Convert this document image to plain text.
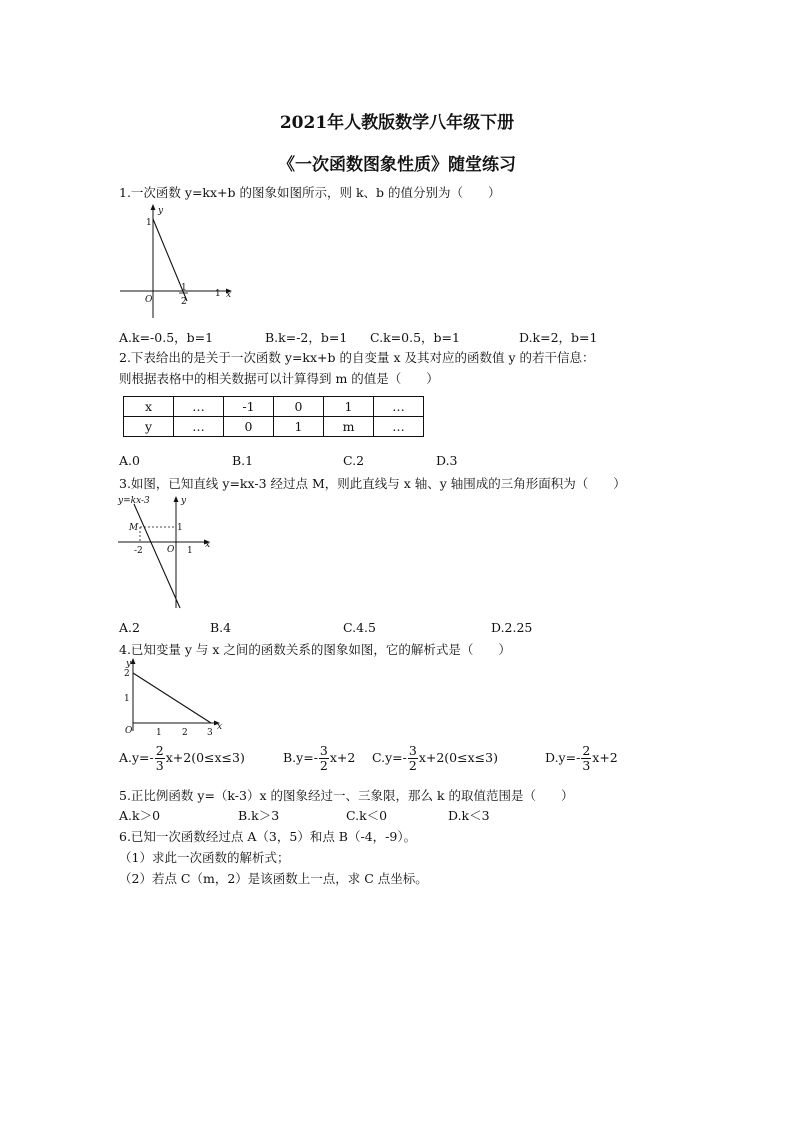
2021年人教版数学八年级下册
《一次函数图象性质》随堂练习
1.一次函数 y=kx+b 的图象如图所示，则 k、b 的值分别为（　　）
y
1
O
1
2
1 x
A.k=-0.5，b=1	B.k=-2，b=1 C.k=0.5，b=1	D.k=2，b=1
2.下表给出的是关于一次函数 y=kx+b 的自变量 x 及其对应的函数值 y 的若干信息：
则根据表格中的相关数据可以计算得到 m 的值是（　　）
x	…	-1	0	1	…
y	…	0	1	m	…
A.0	B.1	C.2	D.3
3.如图，已知直线 y=kx-3 经过点 M，则此直线与 x 轴、y 轴围成的三角形面积为（　　）
y=kx-3	y
M	1
-2	O 1
x
A.2	B.4	C.4.5	D.2.25
4.已知变量 y 与 x 之间的函数关系的图象如图，它的解析式是（　　）
y
2
1
O	1 2 3
x
$A.y=- \frac{2}{3} x+2(0\le x\le 3)$	$B.y=- \frac{3}{2} x+2$ $C.y=- \frac{3}{2} x+2(0\le x\le 3)$	$D.y=- \frac{2}{3} x+2$
5.正比例函数 y=（k-3）x 的图象经过一、三象限，那么 k 的取值范围是（　　）
A.k＞0	B.k＞3	C.k＜0	D.k＜3
6.已知一次函数经过点 A（3，5）和点 B（-4，-9）。
（1）求此一次函数的解析式；
（2）若点 C（m，2）是该函数上一点，求 C 点坐标。
